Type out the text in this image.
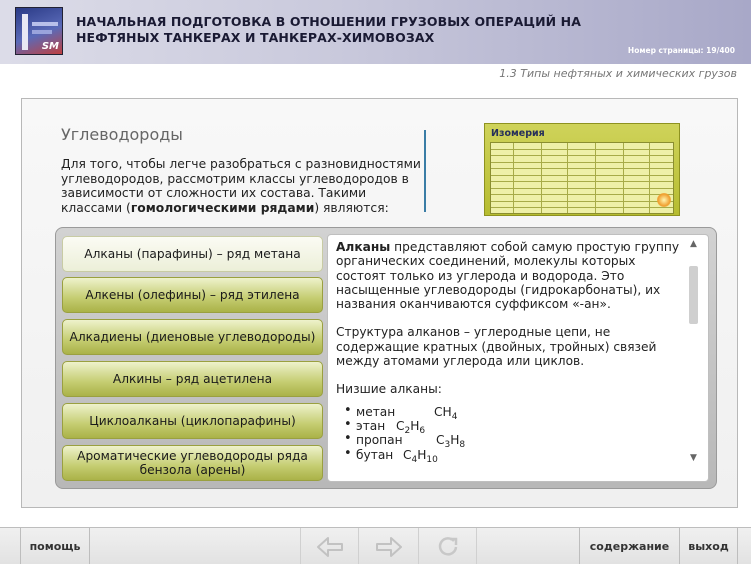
SM
НАЧАЛЬНАЯ ПОДГОТОВКА В ОТНОШЕНИИ ГРУЗОВЫХ ОПЕРАЦИЙ НА НЕФТЯНЫХ ТАНКЕРАХ И ТАНКЕРАХ-ХИМОВОЗАХ
Номер страницы: 19/400
1.3 Типы нефтяных и химических грузов
Углеводороды
Для того, чтобы легче разобраться с разновидностями углеводородов, рассмотрим классы углеводородов в зависимости от сложности их состава. Такими классами (гомологическими рядами) являются:
Изомерия
Алканы (парафины) – ряд метана
Алкены (олефины) – ряд этилена
Алкадиены (диеновые углеводороды)
Алкины – ряд ацетилена
Циклоалканы (циклопарафины)
Ароматические углеводороды ряда бензола (арены)

Алканы представляют собой самую простую группу органических соединений, молекулы которых состоят только из углерода и водорода. Это насыщенные углеводороды (гидрокарбонаты), их названия оканчиваются суффиксом «-ан».

Структура алканов – углеродные цепи, не содержащие кратных (двойных, тройных) связей между атомами углерода или циклов.

Низшие алканы:

• метан	$CH_4$
• этан $C_2H_6$
• пропан	$C_3H_8$
• бутан $C_4H_{10}$
▲
▼
помощь	содержание	выход
